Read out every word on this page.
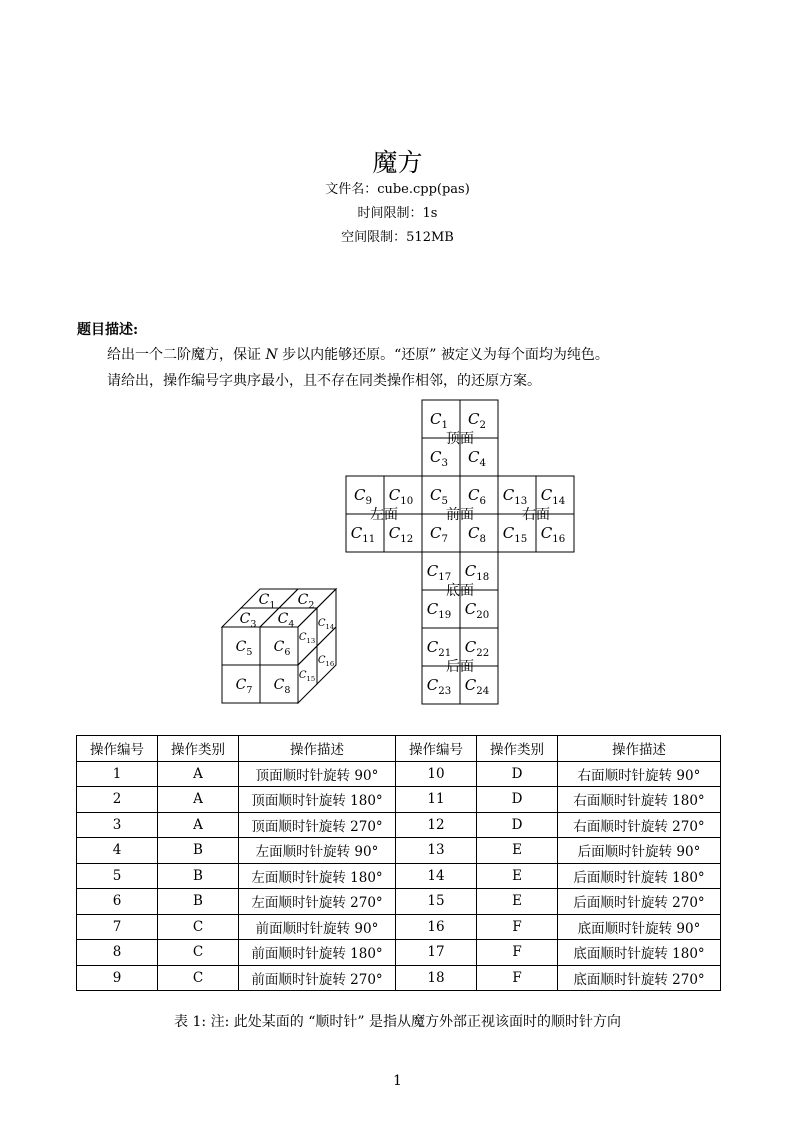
魔方
文件名：cube.cpp(pas)
时间限制：1s
空间限制：512MB
题目描述:
给出一个二阶魔方，保证 N 步以内能够还原。“还原” 被定义为每个面均为纯色。
请给出，操作编号字典序最小，且不存在同类操作相邻，的还原方案。
$C_1$ $C_2$
$C_3$ $C_4$
$C_5$ $C_6$
$C_7$ $C_8$
$C_9$ $C_{10}$
$C_{11}$ $C_{12}$
$C_{13}$ $C_{14}$
$C_{15}$ $C_{16}$
$C_{17}$ $C_{18}$
$C_{19}$ $C_{20}$
$C_{21}$ $C_{22}$
$C_{23}$ $C_{24}$
顶面
左面	前面	右面
底面
后面
$C_1$ $C_2$
$C_3$ $C_4$
$C_5$ $C_6$
$C_7$ $C_8$
$C_{13}$
$C_{14}$
$C_{15}$
$C_{16}$
操作编号	操作类别	操作描述	操作编号	操作类别	操作描述
1	A	顶面顺时针旋转 90°	10	D	右面顺时针旋转 90°
2	A	顶面顺时针旋转 180°	11	D	右面顺时针旋转 180°
3	A	顶面顺时针旋转 270°	12	D	右面顺时针旋转 270°
4	B	左面顺时针旋转 90°	13	E	后面顺时针旋转 90°
5	B	左面顺时针旋转 180°	14	E	后面顺时针旋转 180°
6	B	左面顺时针旋转 270°	15	E	后面顺时针旋转 270°
7	C	前面顺时针旋转 90°	16	F	底面顺时针旋转 90°
8	C	前面顺时针旋转 180°	17	F	底面顺时针旋转 180°
9	C	前面顺时针旋转 270°	18	F	底面顺时针旋转 270°
表 1: 注: 此处某面的 “顺时针” 是指从魔方外部正视该面时的顺时针方向
1
